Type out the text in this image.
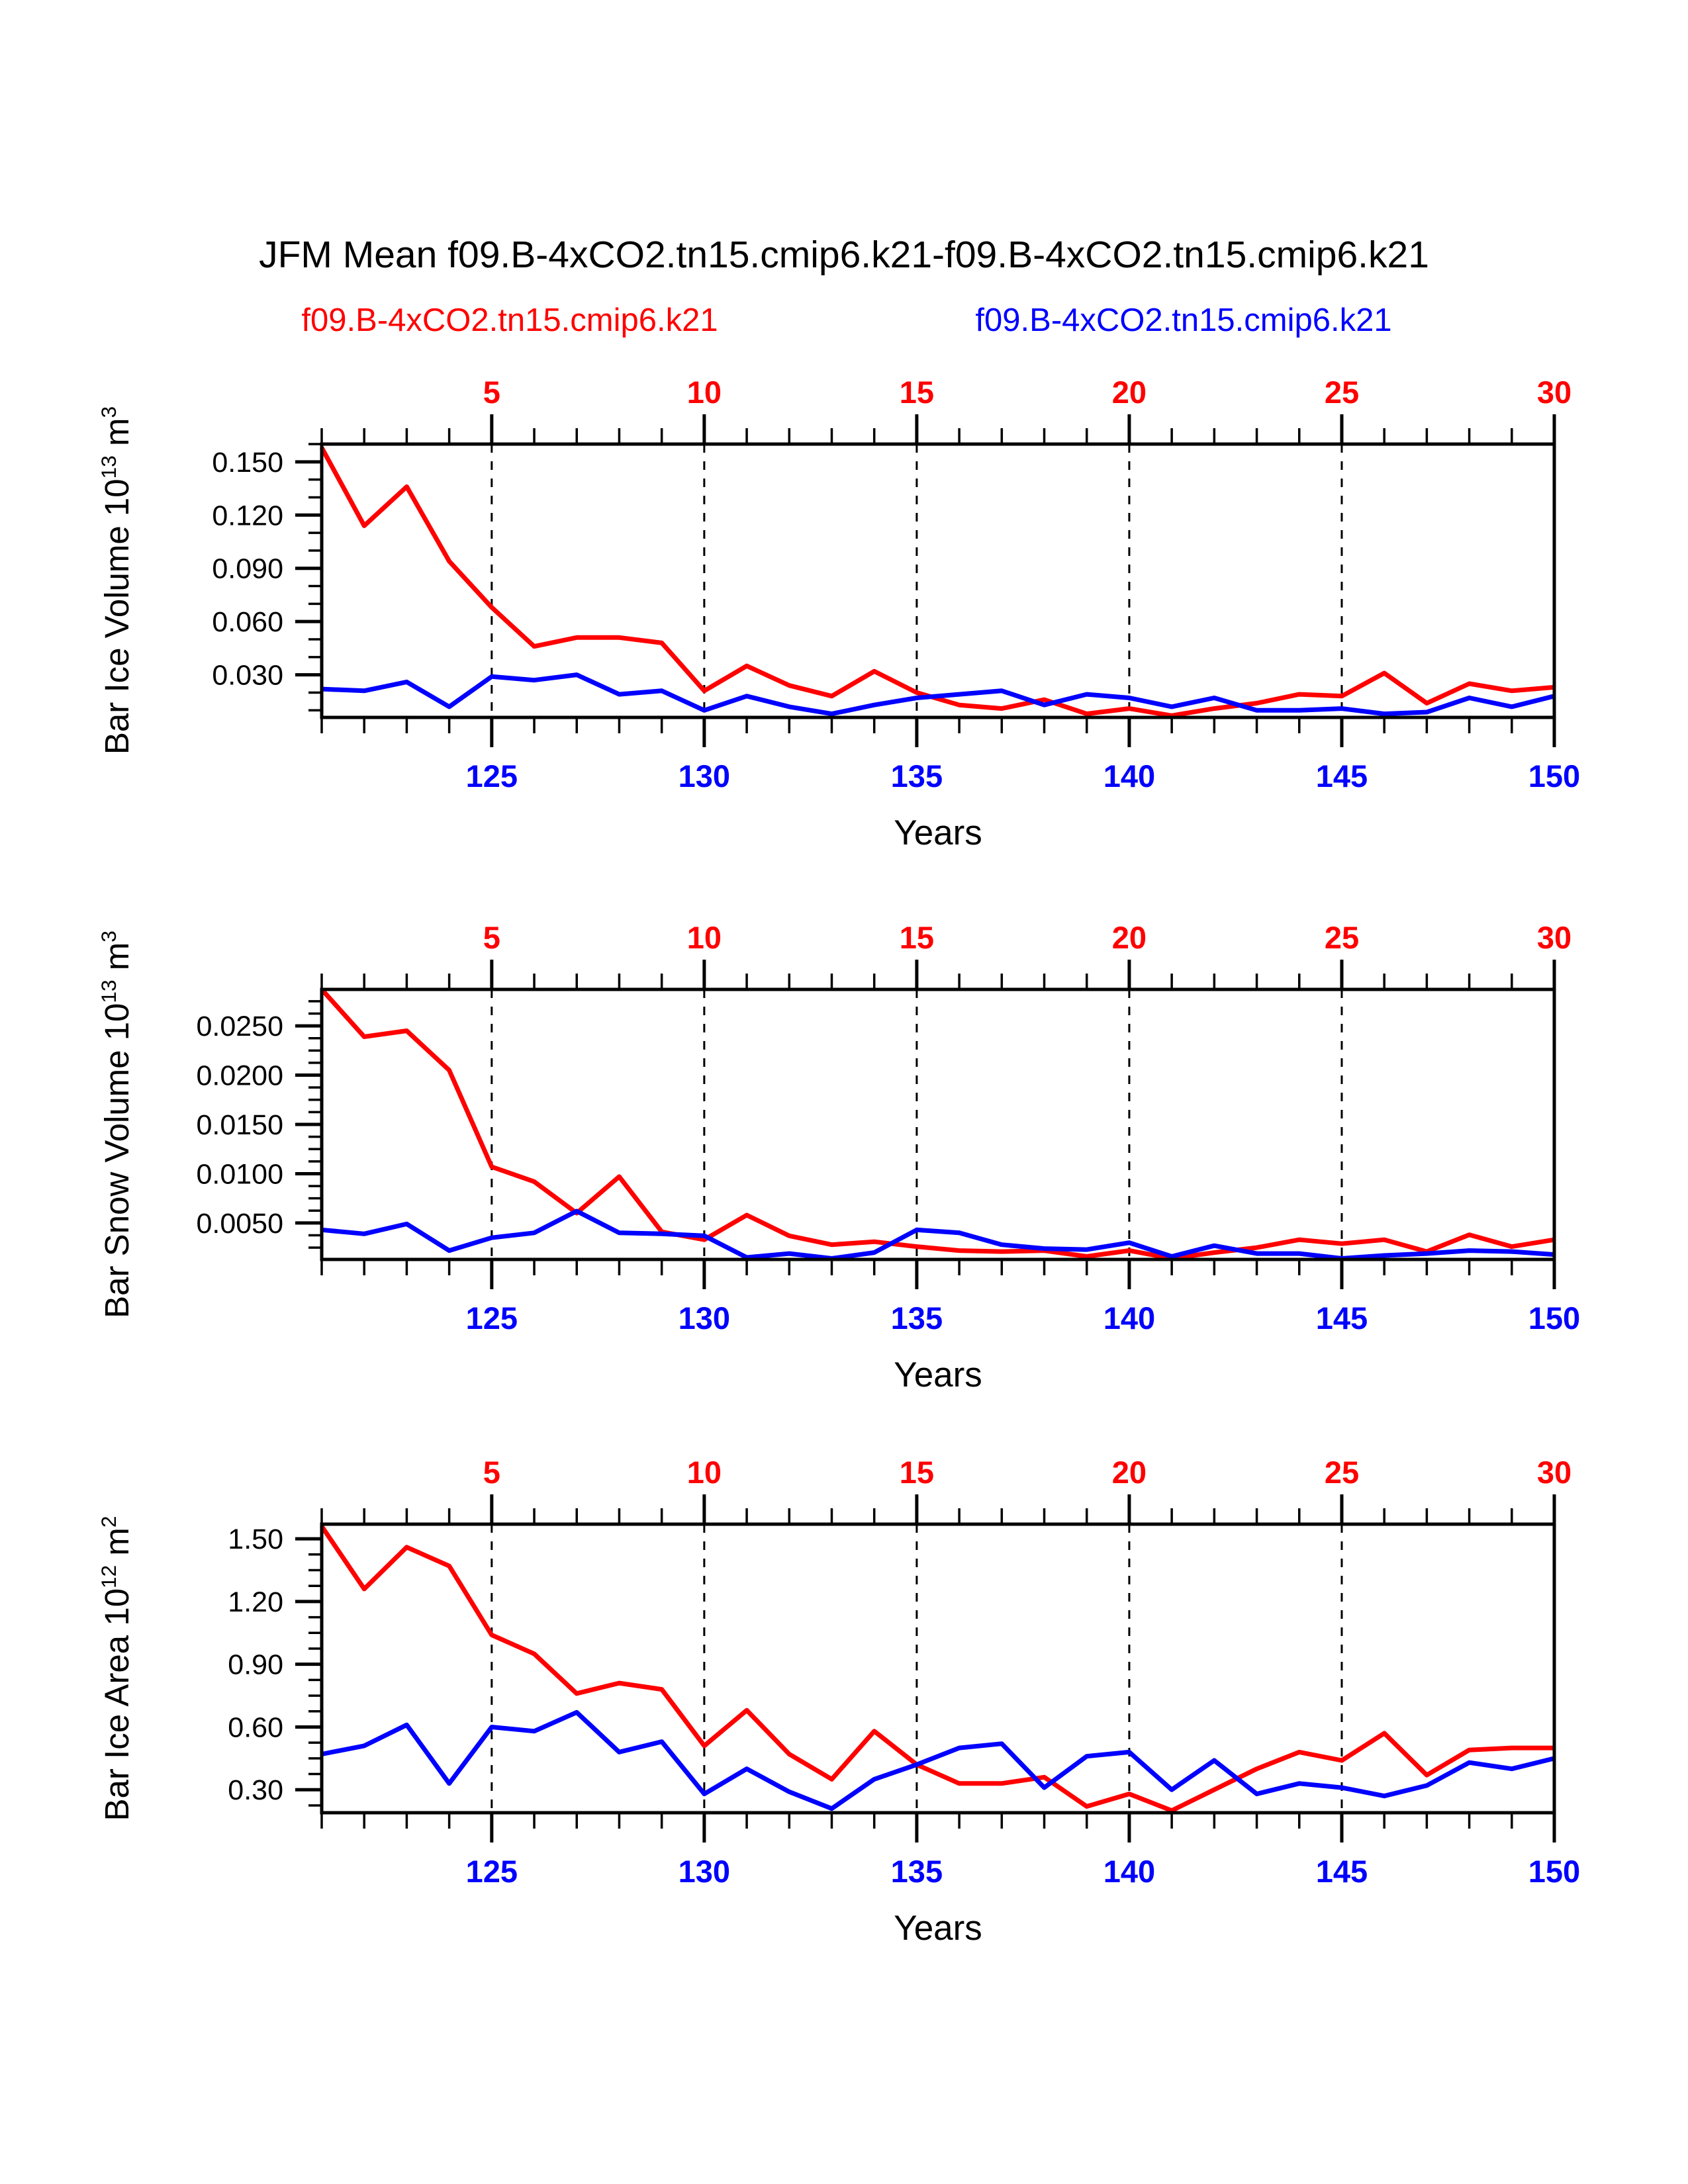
0.030
0.060
0.090
0.120
0.150
5
125
10
130
15
135
20
140
25
145
30
150
Years
0.0050
0.0100
0.0150
0.0200
0.0250
5
125
10
130
15
135
20
140
25
145
30
150
Years
0.30
0.60
0.90
1.20
1.50
5
125
10
130
15
135
20
140
25
145
30
150
Years
JFM Mean f09.B-4xCO2.tn15.cmip6.k21-f09.B-4xCO2.tn15.cmip6.k21
f09.B-4xCO2.tn15.cmip6.k21	f09.B-4xCO2.tn15.cmip6.k21
Bar Ice Volume $10^{13}$ $m^3$
Bar Snow Volume $10^{13}$ $m^3$
Bar Ice Area $10^{12}$ $m^2$
